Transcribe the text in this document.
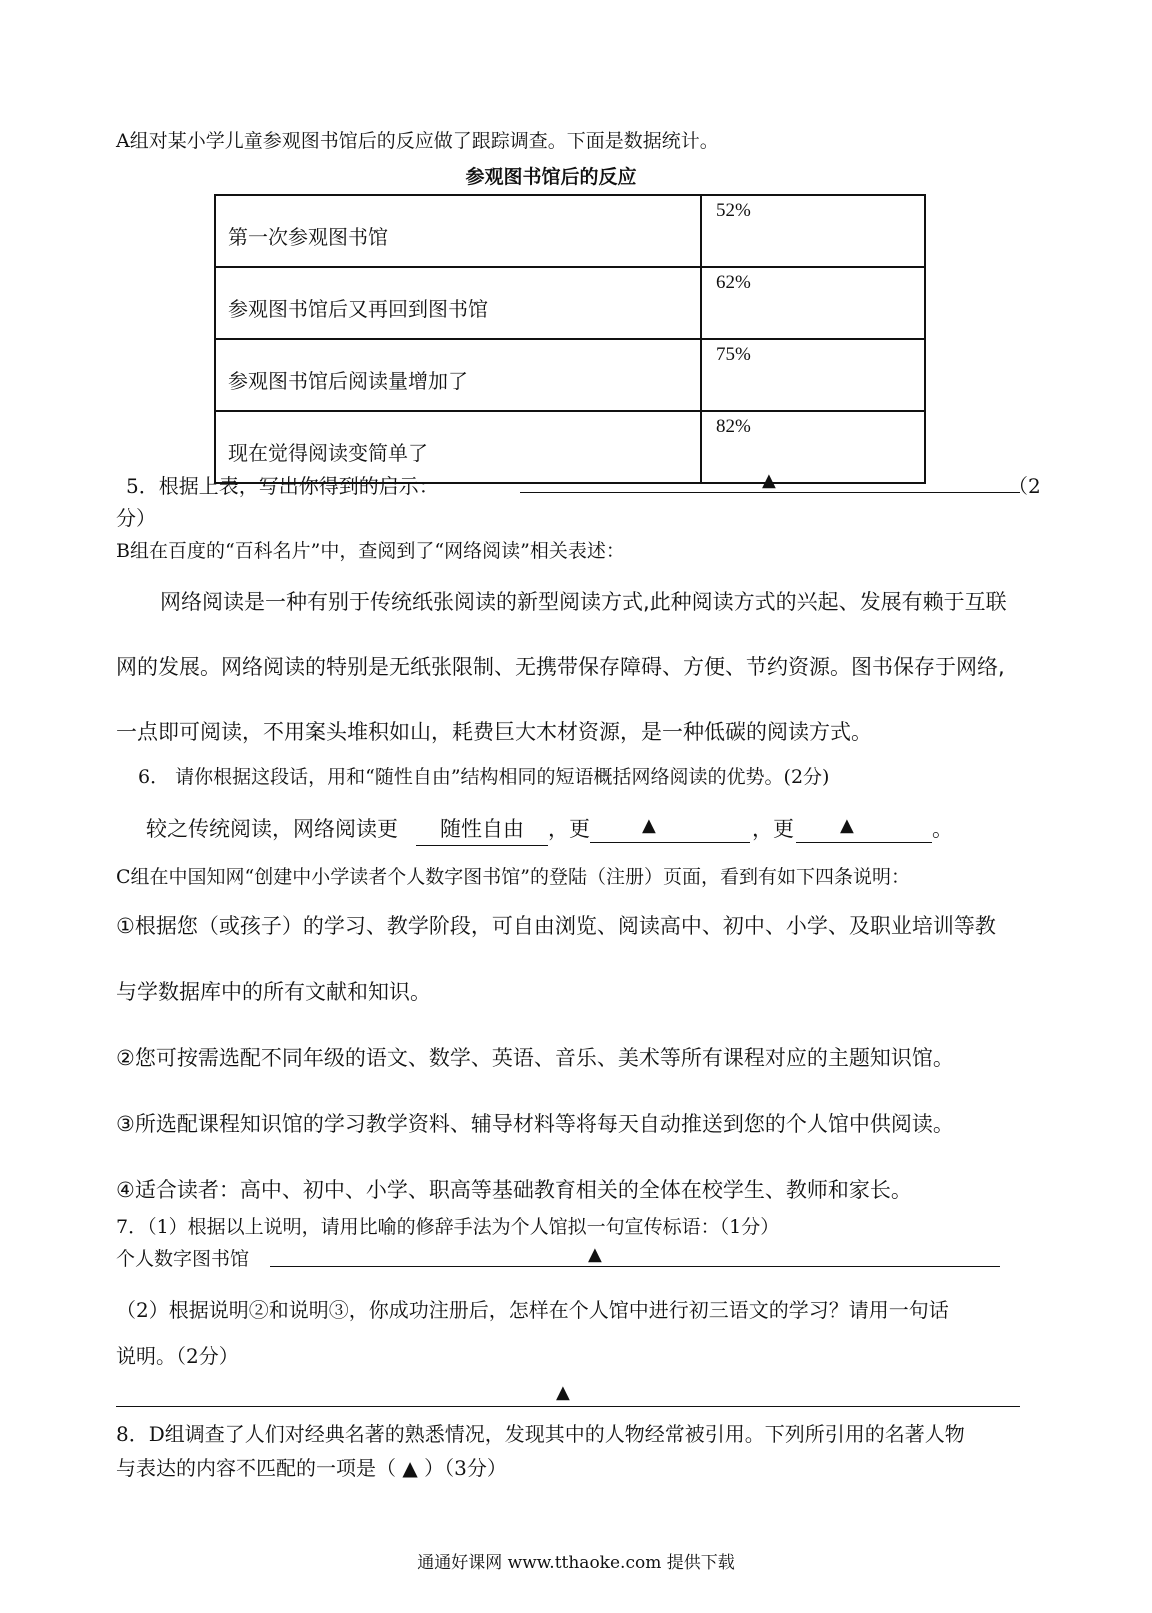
A组对某小学儿童参观图书馆后的反应做了跟踪调查。下面是数据统计。
参观图书馆后的反应
第一次参观图书馆	52%
参观图书馆后又再回到图书馆	62%
参观图书馆后阅读量增加了	75%
现在觉得阅读变简单了	82%
5．根据上表，写出你得到的启示：	▲	（2
分）
B组在百度的“百科名片”中，查阅到了“网络阅读”相关表述：
网络阅读是一种有别于传统纸张阅读的新型阅读方式,此种阅读方式的兴起、发展有赖于互联
网的发展。网络阅读的特别是无纸张限制、无携带保存障碍、方便、节约资源。图书保存于网络,
一点即可阅读，不用案头堆积如山，耗费巨大木材资源，是一种低碳的阅读方式。
6． 请你根据这段话，用和“随性自由”结构相同的短语概括网络阅读的优势。(2分)
较之传统阅读，网络阅读更	随性自由	，更	▲	，更	▲	。
C组在中国知网“创建中小学读者个人数字图书馆”的登陆（注册）页面，看到有如下四条说明：
①根据您（或孩子）的学习、教学阶段，可自由浏览、阅读高中、初中、小学、及职业培训等教
与学数据库中的所有文献和知识。
②您可按需选配不同年级的语文、数学、英语、音乐、美术等所有课程对应的主题知识馆。
③所选配课程知识馆的学习教学资料、辅导材料等将每天自动推送到您的个人馆中供阅读。
④适合读者：高中、初中、小学、职高等基础教育相关的全体在校学生、教师和家长。
7．（1）根据以上说明，请用比喻的修辞手法为个人馆拟一句宣传标语：（1分）
个人数字图书馆	▲
（2）根据说明②和说明③，你成功注册后，怎样在个人馆中进行初三语文的学习？请用一句话
说明。（2分）
▲
8．D组调查了人们对经典名著的熟悉情况，发现其中的人物经常被引用。下列所引用的名著人物
与表达的内容不匹配的一项是（ ▲ ）（3分）
通通好课网 www.tthaoke.com 提供下载
